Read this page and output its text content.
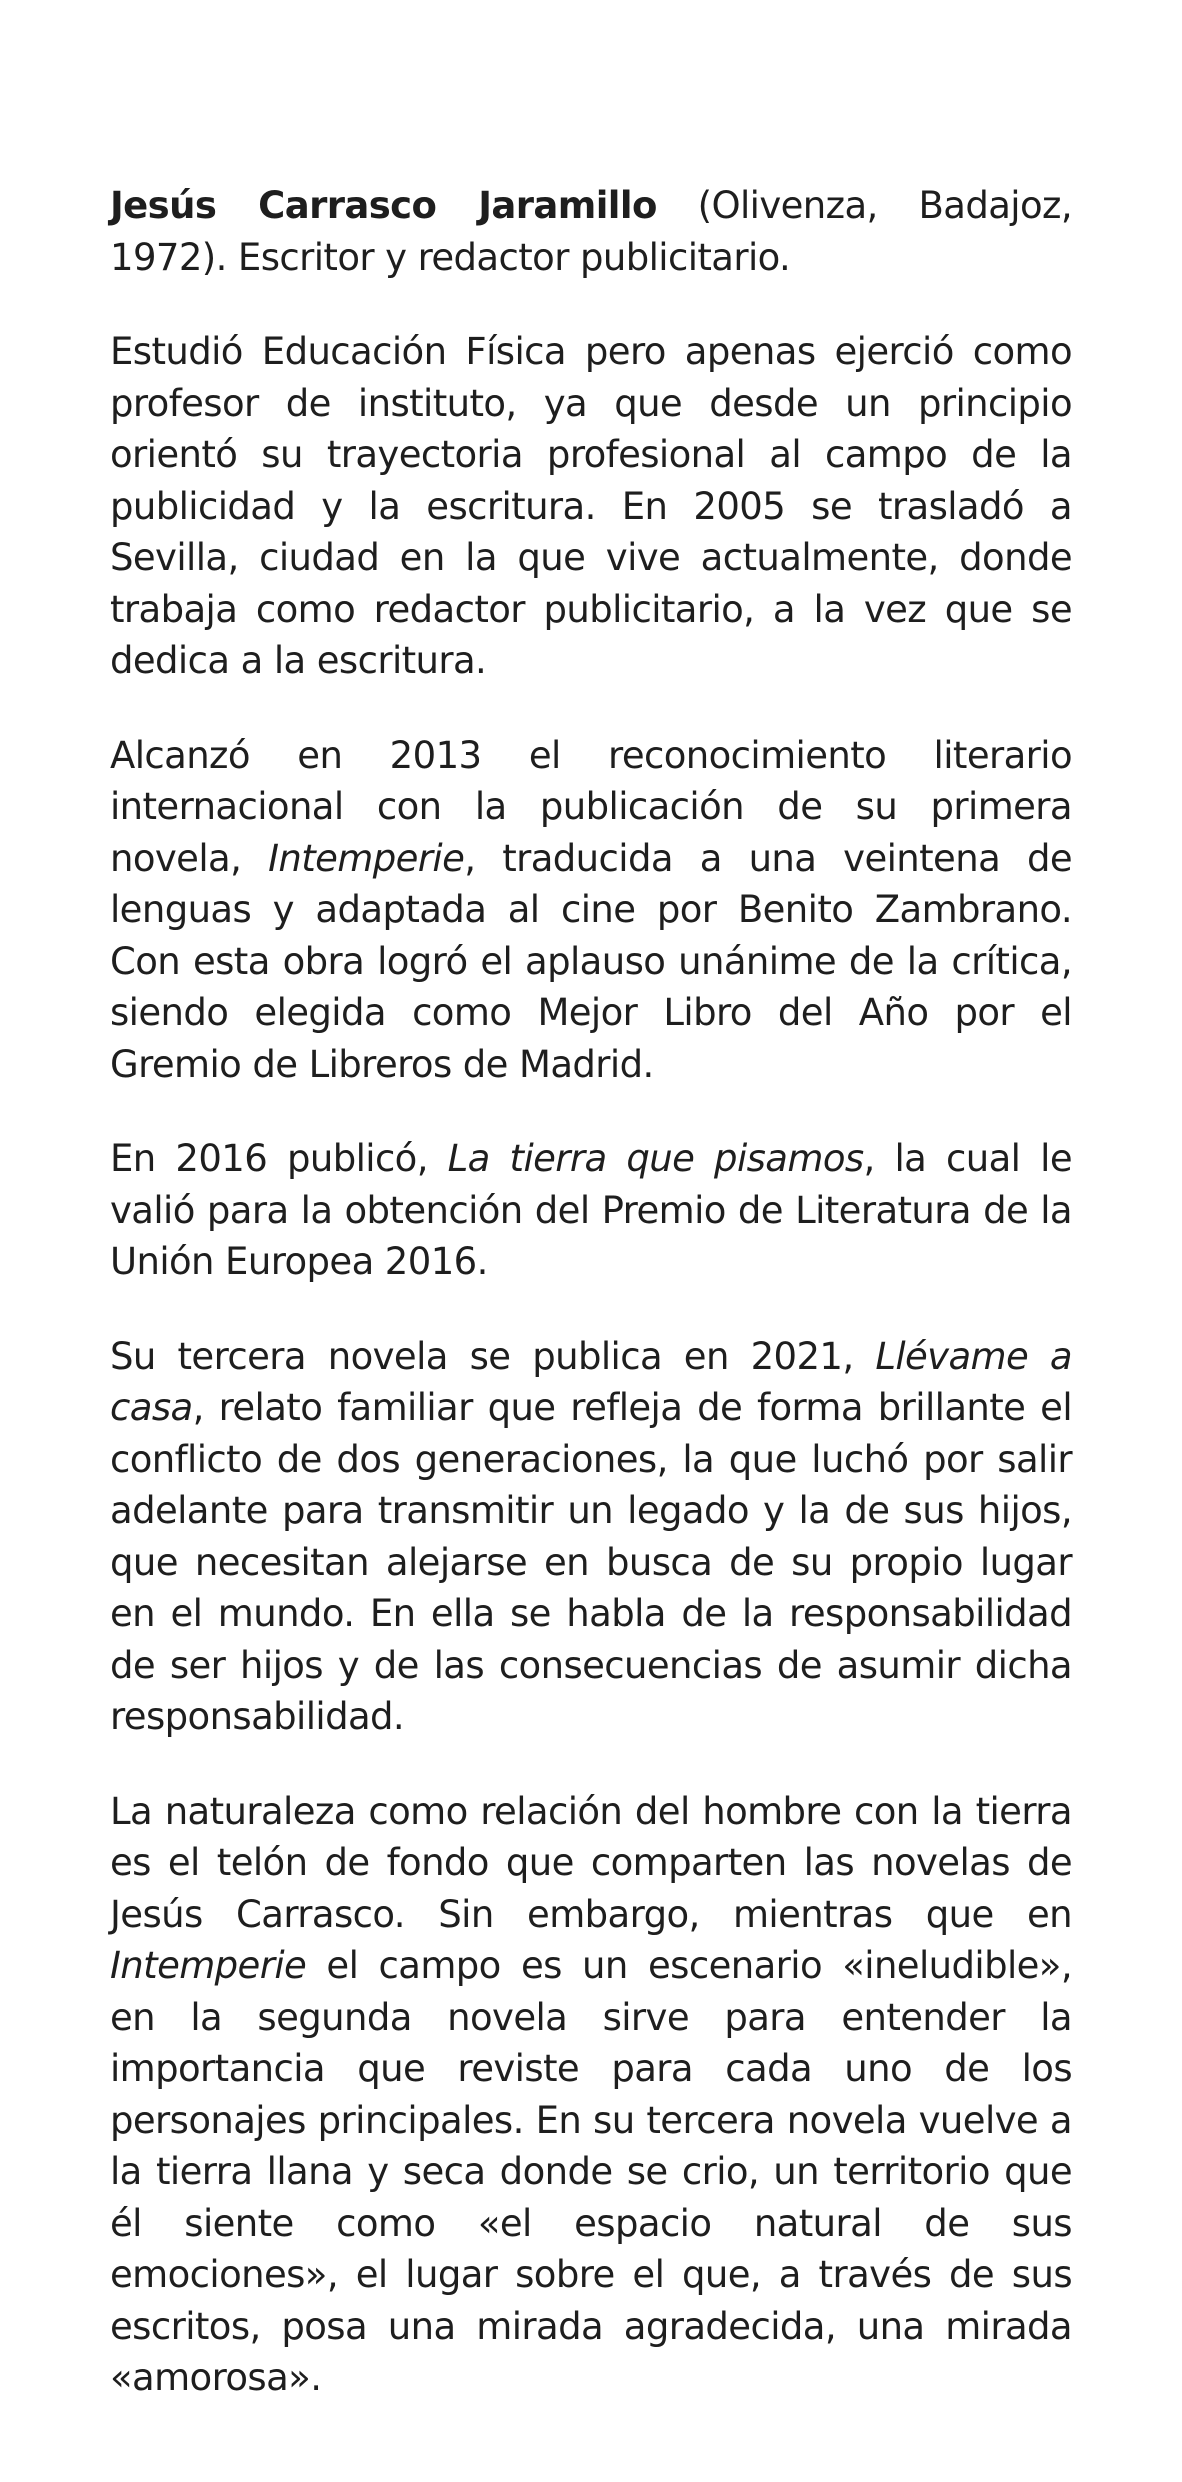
Jesús Carrasco Jaramillo (Olivenza, Badajoz, 1972). Escritor y redactor publicitario.

Estudió Educación Física pero apenas ejerció como profesor de instituto, ya que desde un principio orientó su trayectoria profesional al campo de la publicidad y la escritura. En 2005 se trasladó a Sevilla, ciudad en la que vive actualmente, donde trabaja como redactor publicitario, a la vez que se dedica a la escritura.

Alcanzó en 2013 el reconocimiento literario internacional con la publicación de su primera novela, Intemperie, traducida a una veintena de lenguas y adaptada al cine por Benito Zambrano. Con esta obra logró el aplauso unánime de la crítica, siendo elegida como Mejor Libro del Año por el Gremio de Libreros de Madrid.

En 2016 publicó, La tierra que pisamos, la cual le valió para la obtención del Premio de Literatura de la Unión Europea 2016.

Su tercera novela se publica en 2021, Llévame a casa, relato familiar que refleja de forma brillante el conflicto de dos generaciones, la que luchó por salir adelante para transmitir un legado y la de sus hijos, que necesitan alejarse en busca de su propio lugar en el mundo. En ella se habla de la responsabilidad de ser hijos y de las consecuencias de asumir dicha responsabilidad.

La naturaleza como relación del hombre con la tierra es el telón de fondo que comparten las novelas de Jesús Carrasco. Sin embargo, mientras que en Intemperie el campo es un escenario «ineludible», en la segunda novela sirve para entender la importancia que reviste para cada uno de los personajes principales. En su tercera novela vuelve a la tierra llana y seca donde se crio, un territorio que él siente como «el espacio natural de sus emociones», el lugar sobre el que, a través de sus escritos, posa una mirada agradecida, una mirada «amorosa».
